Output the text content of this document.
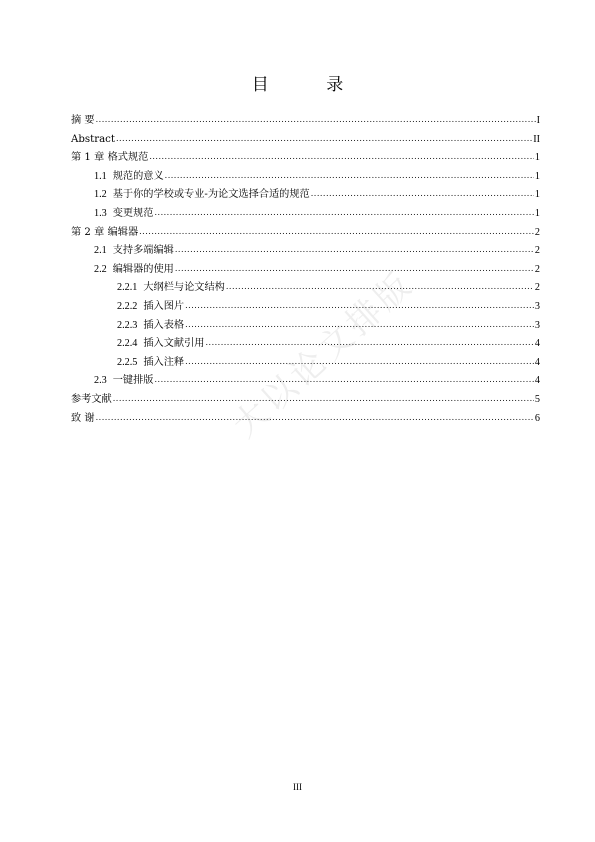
目 录
摘 要 .....	I
Abstract .....	II
第 1 章 格式规范 .....	1
1.1 规范的意义 .....	1
1.2 基于你的学校或专业-为论文选择合适的规范 .....	1
1.3 变更规范 .....	1
第 2 章 编辑器 .....	2
2.1 支持多端编辑 .....	2
2.2 编辑器的使用 .....	2
2.2.1 大纲栏与论文结构 .....	2
2.2.2 插入图片 .....	3
2.2.3 插入表格 .....	3
2.2.4 插入文献引用 .....	4
2.2.5 插入注释 .....	4
2.3 一键排版 .....	4
参考文献 .....	5
致 谢 .....	6
大以论文排版
III
